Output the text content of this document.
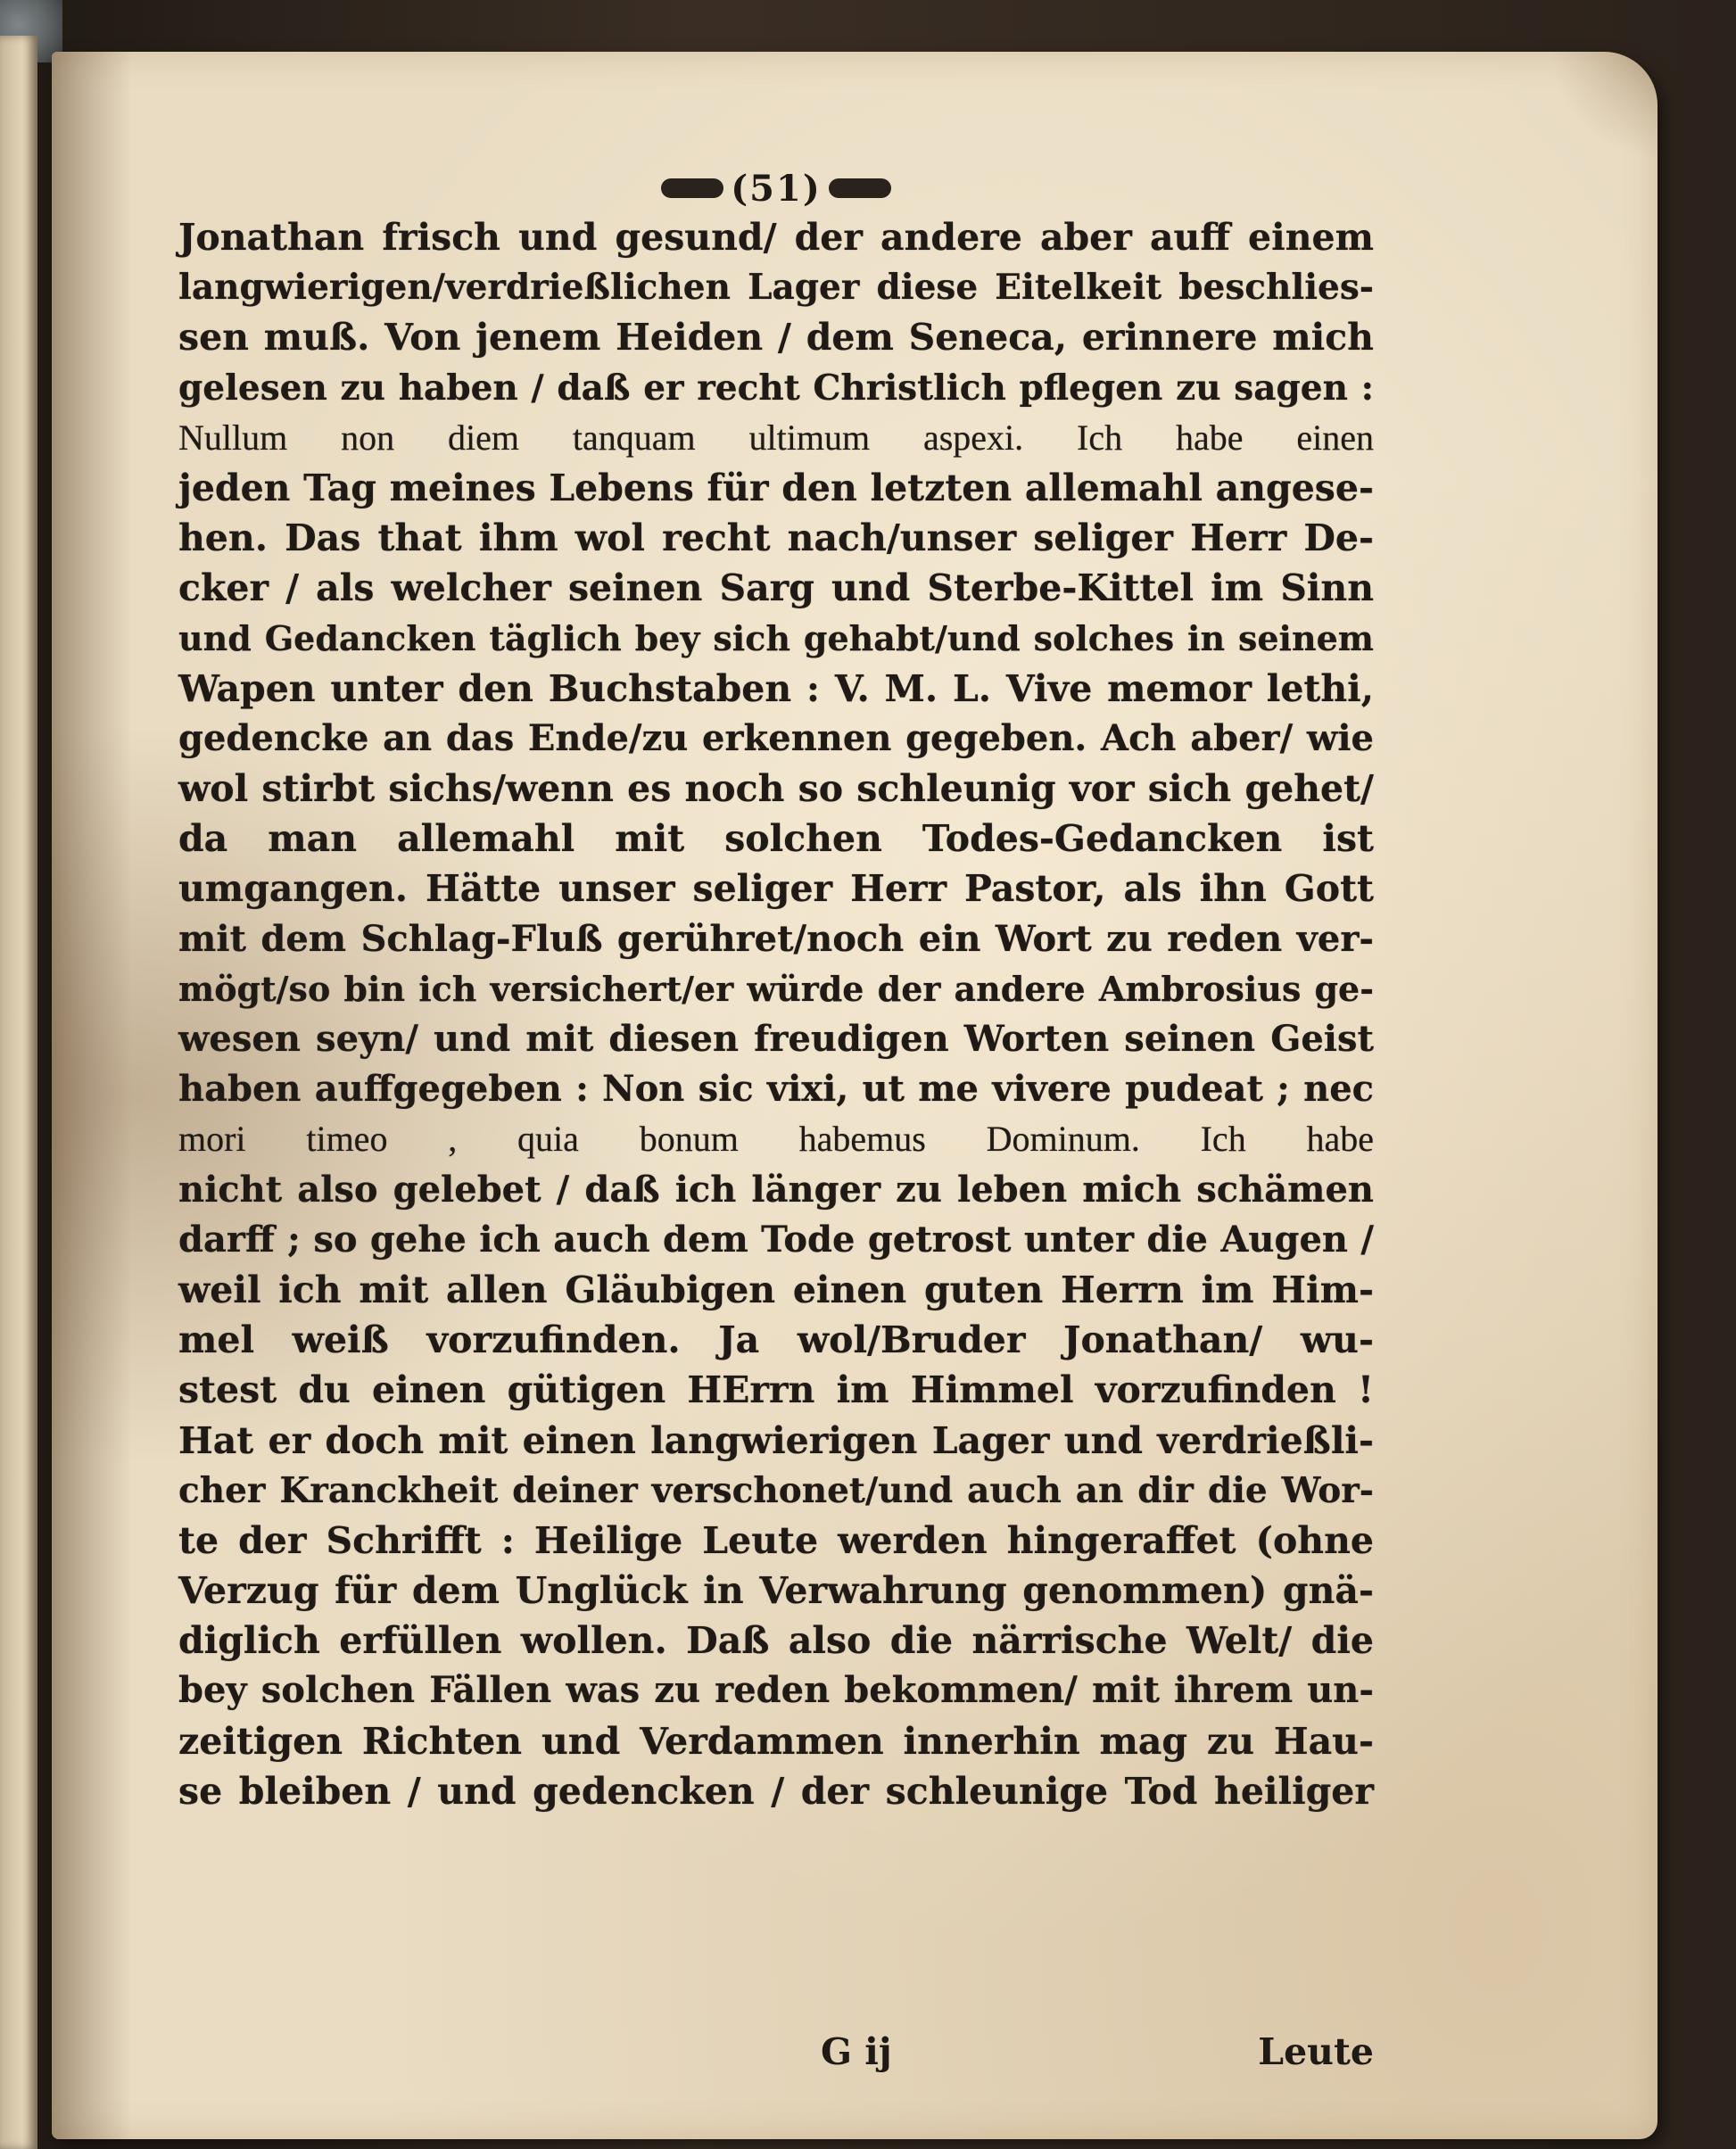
(51)
Jonathan frisch und gesund/ der andere aber auff einem
langwierigen/verdrießlichen Lager diese Eitelkeit beschlies-
sen muß. Von jenem Heiden / dem Seneca, erinnere mich
gelesen zu haben / daß er recht Christlich pflegen zu sagen :
Nullum non diem tanquam ultimum aspexi. Ich habe einen
jeden Tag meines Lebens für den letzten allemahl angese-
hen. Das that ihm wol recht nach/unser seliger Herr De-
cker / als welcher seinen Sarg und Sterbe-Kittel im Sinn
und Gedancken täglich bey sich gehabt/und solches in seinem
Wapen unter den Buchstaben : V. M. L. Vive memor lethi,
gedencke an das Ende/zu erkennen gegeben. Ach aber/ wie
wol stirbt sichs/wenn es noch so schleunig vor sich gehet/
da man allemahl mit solchen Todes-Gedancken ist
umgangen. Hätte unser seliger Herr Pastor, als ihn Gott
mit dem Schlag-Fluß gerühret/noch ein Wort zu reden ver-
mögt/so bin ich versichert/er würde der andere Ambrosius ge-
wesen seyn/ und mit diesen freudigen Worten seinen Geist
haben auffgegeben : Non sic vixi, ut me vivere pudeat ; nec
mori timeo , quia bonum habemus Dominum. Ich habe
nicht also gelebet / daß ich länger zu leben mich schämen
darff ; so gehe ich auch dem Tode getrost unter die Augen /
weil ich mit allen Gläubigen einen guten Herrn im Him-
mel weiß vorzufinden. Ja wol/Bruder Jonathan/ wu-
stest du einen gütigen HErrn im Himmel vorzufinden !
Hat er doch mit einen langwierigen Lager und verdrießli-
cher Kranckheit deiner verschonet/und auch an dir die Wor-
te der Schrifft : Heilige Leute werden hingeraffet (ohne
Verzug für dem Unglück in Verwahrung genommen) gnä-
diglich erfüllen wollen. Daß also die närrische Welt/ die
bey solchen Fällen was zu reden bekommen/ mit ihrem un-
zeitigen Richten und Verdammen innerhin mag zu Hau-
se bleiben / und gedencken / der schleunige Tod heiliger
G ij	Leute
